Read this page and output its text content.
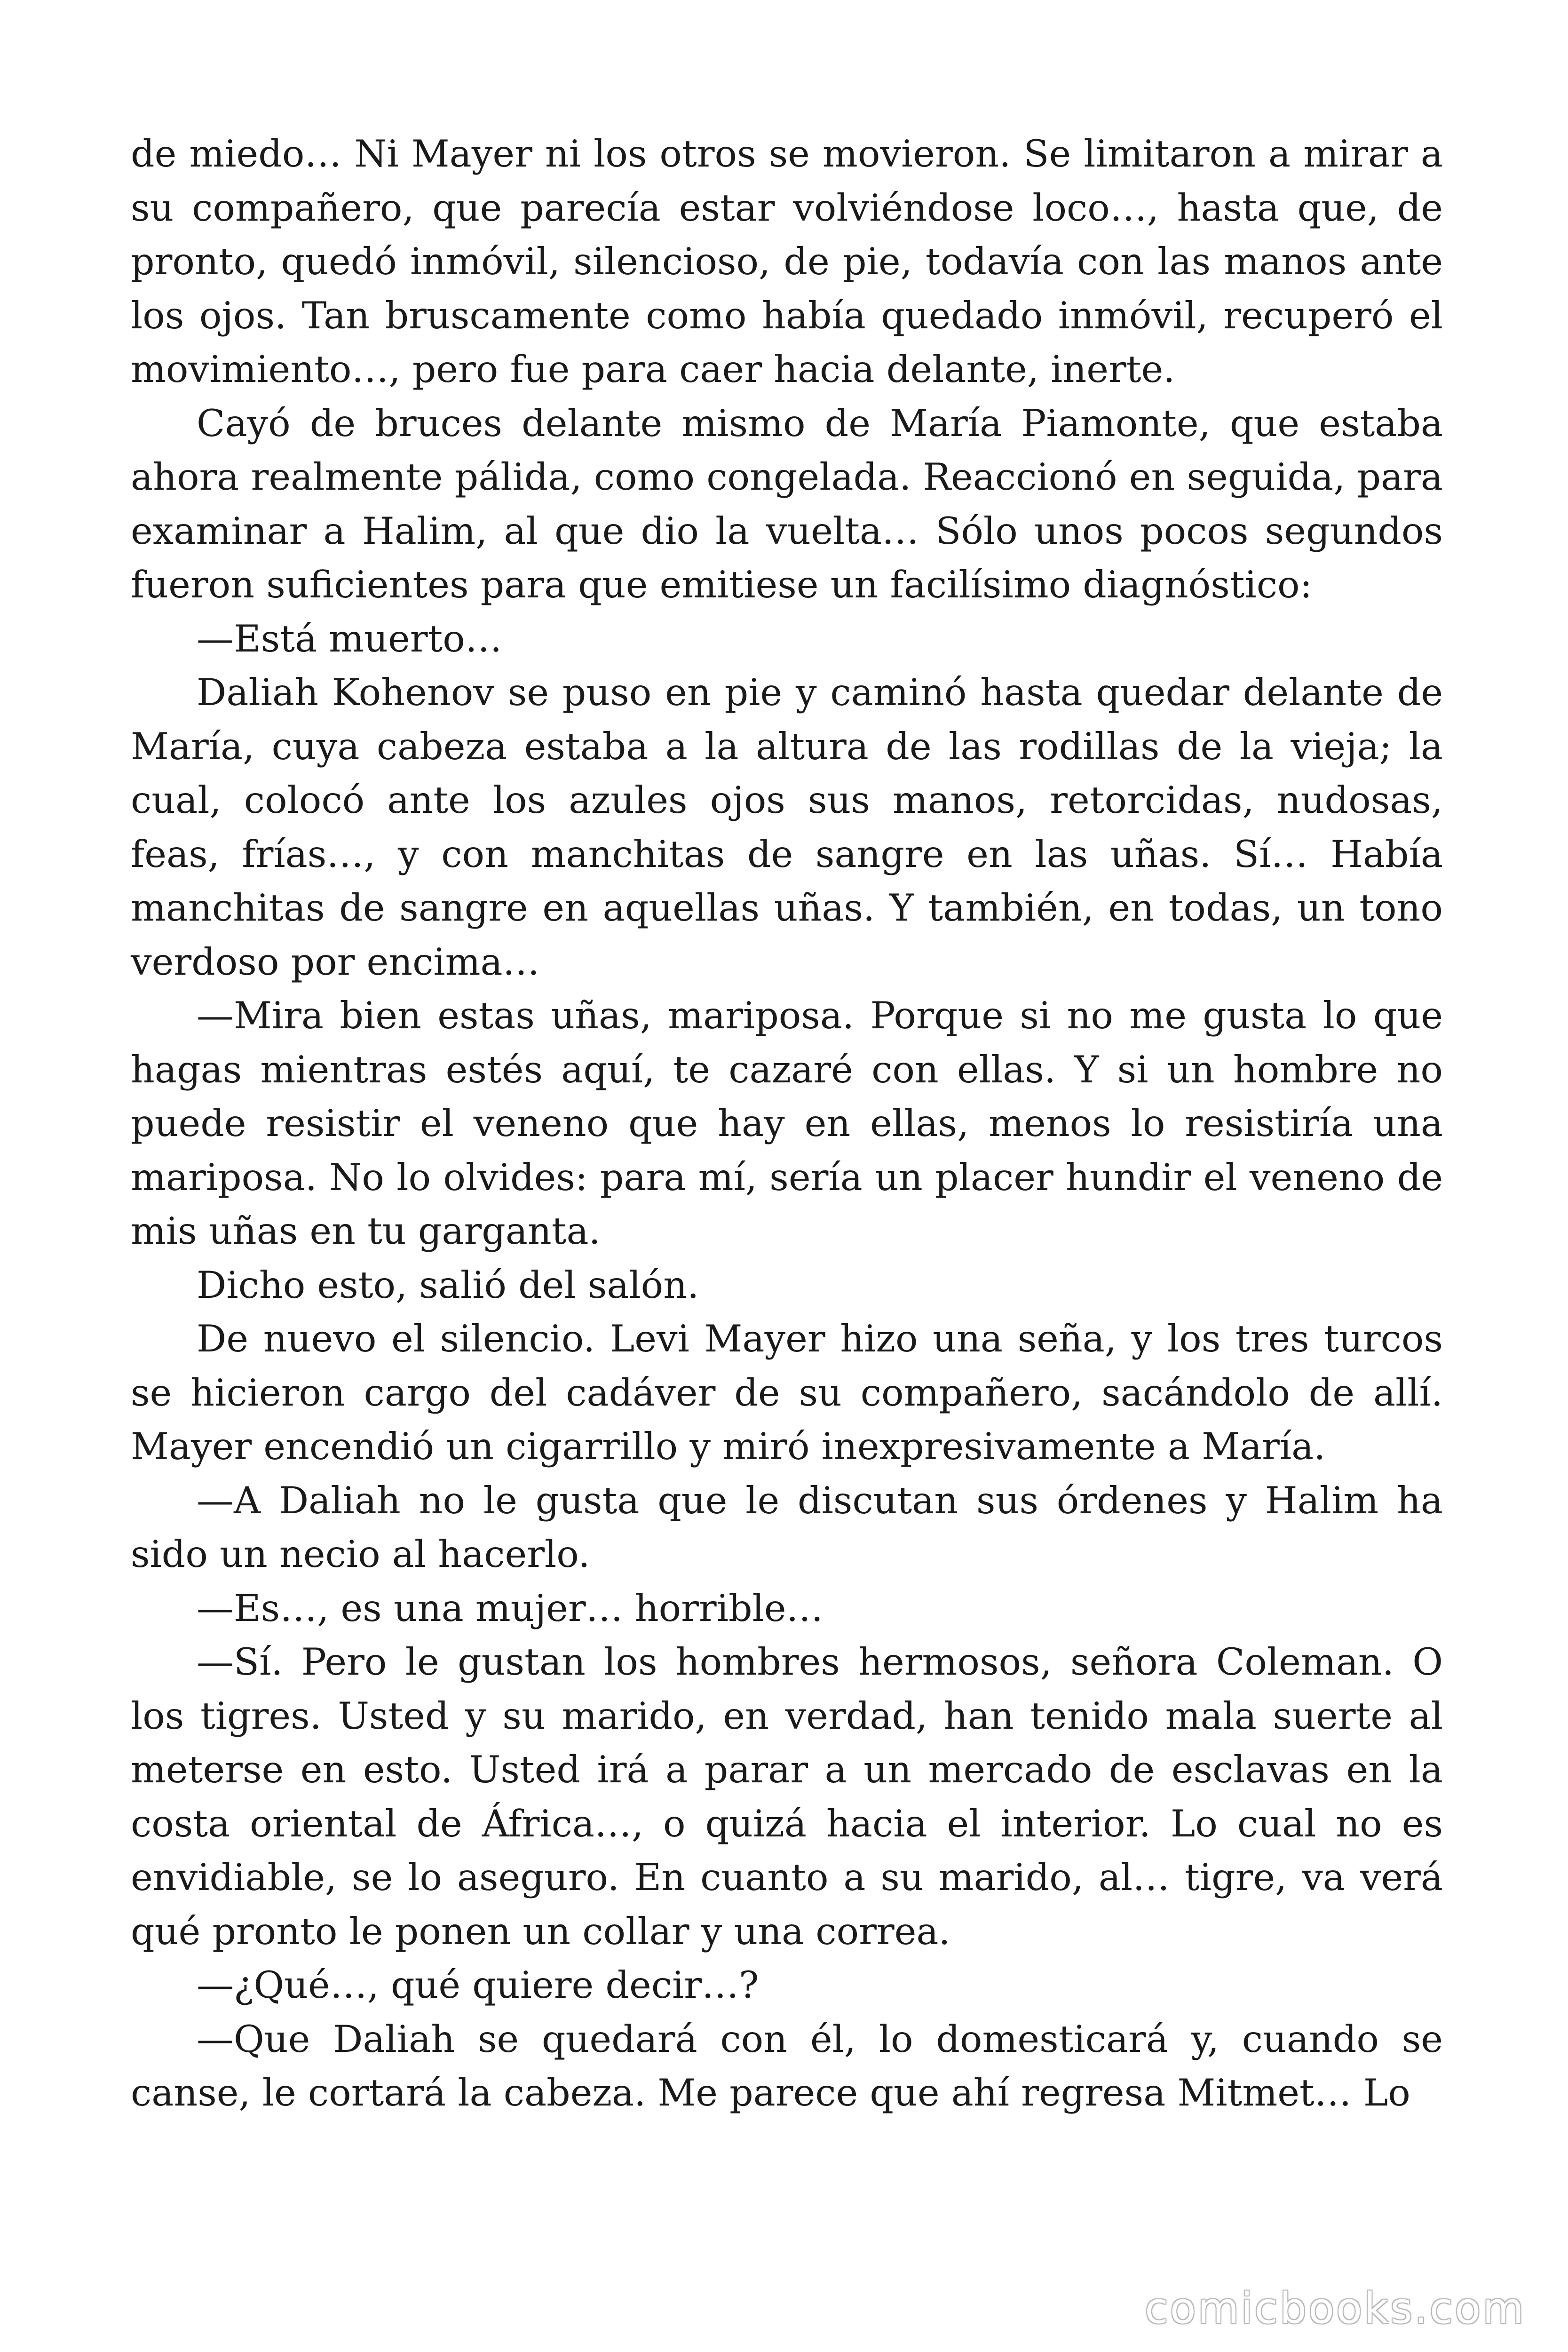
de miedo… Ni Mayer ni los otros se movieron. Se limitaron a mirar a su compañero, que parecía estar volviéndose loco…, hasta que, de pronto, quedó inmóvil, silencioso, de pie, todavía con las manos ante los ojos. Tan bruscamente como había quedado inmóvil, recuperó el movimiento…, pero fue para caer hacia delante, inerte.

Cayó de bruces delante mismo de María Piamonte, que estaba ahora realmente pálida, como congelada. Reaccionó en seguida, para examinar a Halim, al que dio la vuelta… Sólo unos pocos segundos fueron suficientes para que emitiese un facilísimo diagnóstico:

—Está muerto…

Daliah Kohenov se puso en pie y caminó hasta quedar delante de María, cuya cabeza estaba a la altura de las rodillas de la vieja; la cual, colocó ante los azules ojos sus manos, retorcidas, nudosas, feas, frías…, y con manchitas de sangre en las uñas. Sí… Había manchitas de sangre en aquellas uñas. Y también, en todas, un tono verdoso por encima…

—Mira bien estas uñas, mariposa. Porque si no me gusta lo que hagas mientras estés aquí, te cazaré con ellas. Y si un hombre no puede resistir el veneno que hay en ellas, menos lo resistiría una mariposa. No lo olvides: para mí, sería un placer hundir el veneno de mis uñas en tu garganta.

Dicho esto, salió del salón.

De nuevo el silencio. Levi Mayer hizo una seña, y los tres turcos se hicieron cargo del cadáver de su compañero, sacándolo de allí. Mayer encendió un cigarrillo y miró inexpresivamente a María.

—A Daliah no le gusta que le discutan sus órdenes y Halim ha sido un necio al hacerlo.

—Es…, es una mujer… horrible…

—Sí. Pero le gustan los hombres hermosos, señora Coleman. O los tigres. Usted y su marido, en verdad, han tenido mala suerte al meterse en esto. Usted irá a parar a un mercado de esclavas en la costa oriental de África…, o quizá hacia el interior. Lo cual no es envidiable, se lo aseguro. En cuanto a su marido, al… tigre, va verá qué pronto le ponen un collar y una correa.

—¿Qué…, qué quiere decir…?

—Que Daliah se quedará con él, lo domesticará y, cuando se canse, le cortará la cabeza. Me parece que ahí regresa Mitmet… Lo

comicbooks.com
